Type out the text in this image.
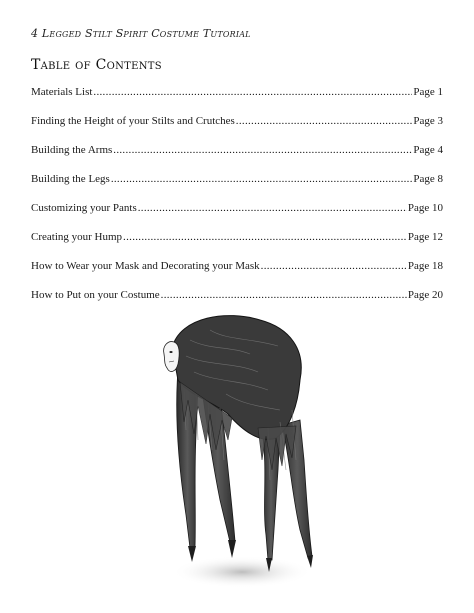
4 Legged Stilt Spirit Costume Tutorial
Table of Contents
Materials List .....	Page 1
Finding the Height of your Stilts and Crutches .....	Page 3
Building the Arms .....	Page 4
Building the Legs .....	Page 8
Customizing your Pants .....	Page 10
Creating your Hump .....	Page 12
How to Wear your Mask and Decorating your Mask .....	Page 18
How to Put on your Costume .....	Page 20
